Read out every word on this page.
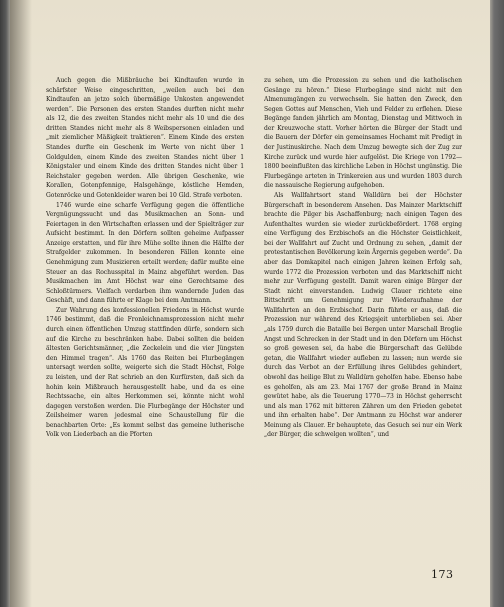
Auch gegen die Mißbräuche bei Kindtaufen wurde in schärfster Weise eingeschritten, „weilen auch bei den Kindtaufen an jetzo solch übermäßige Unkosten angewendet werden“. Die Personen des ersten Standes durften nicht mehr als 12, die des zweiten Standes nicht mehr als 10 und die des dritten Standes nicht mehr als 8 Weibspersonen einladen und „mit ziemlicher Mäßigkeit traktieren“. Einem Kinde des ersten Standes durfte ein Geschenk im Werte von nicht über 1 Goldgulden, einem Kinde des zweiten Standes nicht über 1 Königstaler und einem Kinde des dritten Standes nicht über 1 Reichstaler gegeben werden. Alle übrigen Geschenke, wie Korallen, Gotenpfennige, Halsgehänge, köstliche Hemden, Gotenröcke und Gotenkleider waren bei 10 Gld. Strafe verboten.

1746 wurde eine scharfe Verfügung gegen die öffentliche Vergnügungssucht und das Musikmachen an Sonn- und Feiertagen in den Wirtschaften erlassen und der Spielträger zur Aufsicht bestimmt. In den Dörfern sollten geheime Aufpasser Anzeige erstatten, und für ihre Mühe sollte ihnen die Hälfte der Strafgelder zukommen. In besonderen Fällen konnte eine Genehmigung zum Musizieren erteilt werden; dafür mußte eine Steuer an das Rochusspital in Mainz abgeführt werden. Das Musikmachen im Amt Höchst war eine Gerechtsame des Schloßtürmers. Vielfach verdarben ihm wandernde Juden das Geschäft, und dann führte er Klage bei dem Amtmann.

Zur Wahrung des konfessionellen Friedens in Höchst wurde 1746 bestimmt, daß die Fronleichnamsprozession nicht mehr durch einen öffentlichen Umzug stattfinden dürfe, sondern sich auf die Kirche zu beschränken habe. Dabei sollten die beiden ältesten Gerichtsmänner, „die Zeckelein und die vier Jüngsten den Himmel tragen“. Als 1760 das Reiten bei Flurbegängen untersagt werden sollte, weigerte sich die Stadt Höchst, Folge zu leisten, und der Rat schrieb an den Kurfürsten, daß sich da hohin kein Mißbrauch herausgestellt habe, und da es eine Rechtssache, ein altes Herkommen sei, könnte nicht wohl dagegen verstoßen werden. Die Flurbegänge der Höchster und Zeilsheimer waren jedesmal eine Schaustellung für die benachbarten Orte: „Es kommt selbst das gemeine lutherische Volk von Liederbach an die Pforten

zu sehen, um die Prozession zu sehen und die katholischen Gesänge zu hören.“ Diese Flurbegänge sind nicht mit den Almenumgängen zu verwechseln. Sie hatten den Zweck, den Segen Gottes auf Menschen, Vieh und Felder zu erflehen. Diese Begänge fanden jährlich am Montag, Dienstag und Mittwoch in der Kreuzwoche statt. Vorher hörten die Bürger der Stadt und die Bauern der Dörfer ein gemeinsames Hochamt mit Predigt in der Justinuskirche. Nach dem Umzug bewegte sich der Zug zur Kirche zurück und wurde hier aufgelöst. Die Kriege von 1792—1800 beeinflußten das kirchliche Leben in Höchst ungünstig. Die Flurbegänge arteten in Trinkereien aus und wurden 1803 durch die nassauische Regierung aufgehoben.

Als Wallfahrtsort stand Walldürn bei der Höchster Bürgerschaft in besonderem Ansehen. Das Mainzer Marktschiff brachte die Pilger bis Aschaffenburg; nach einigen Tagen des Aufenthaltes wurden sie wieder zurückbefördert. 1768 erging eine Verfügung des Erzbischofs an die Höchster Geistlichkeit, bei der Wallfahrt auf Zucht und Ordnung zu sehen, „damit der protestantischen Bevölkerung kein Ärgernis gegeben werde“. Da aber das Domkapitel nach einigen Jahren keinen Erfolg sah, wurde 1772 die Prozession verboten und das Marktschiff nicht mehr zur Verfügung gestellt. Damit waren einige Bürger der Stadt nicht einverstanden. Ludwig Clauer richtete eine Bittschrift um Genehmigung zur Wiederaufnahme der Wallfahrten an den Erzbischof. Darin führte er aus, daß die Prozession nur während des Kriegsjeit unterblieben sei. Aber „als 1759 durch die Bataille bei Bergen unter Marschall Broglie Angst und Schrecken in der Stadt und in den Dörfern um Höchst so groß gewesen sei, da habe die Bürgerschaft das Gelübde getan, die Wallfahrt wieder aufleben zu lassen; nun werde sie durch das Verbot an der Erfüllung ihres Gelübdes gehindert, obwohl das heilige Blut zu Walldürn geholfen habe. Ebenso habe es geholfen, als am 23. Mai 1767 der große Brand in Mainz gewütet habe, als die Teuerung 1770—73 in Höchst geherrscht und als man 1762 mit bitteren Zähren um den Frieden gebetet und ihn erhalten habe“. Der Amtmann zu Höchst war anderer Meinung als Clauer. Er behauptete, das Gesuch sei nur ein Werk „der Bürger, die schwelgen wollten“, und

173
